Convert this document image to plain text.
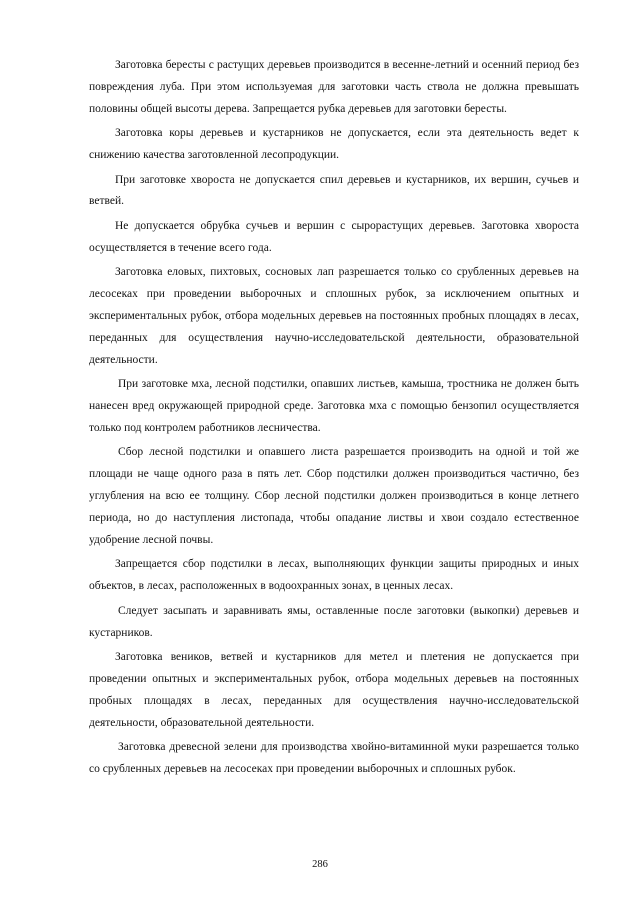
Заготовка бересты с растущих деревьев производится в весенне-летний и осенний период без повреждения луба. При этом используемая для заготовки часть ствола не должна превышать половины общей высоты дерева. Запрещается рубка деревьев для заготовки бересты.

Заготовка коры деревьев и кустарников не допускается, если эта деятельность ведет к снижению качества заготовленной лесопродукции.

При заготовке хвороста не допускается спил деревьев и кустарников, их вершин, сучьев и ветвей.

Не допускается обрубка сучьев и вершин с сырорастущих деревьев. Заготовка хвороста осуществляется в течение всего года.

Заготовка еловых, пихтовых, сосновых лап разрешается только со срубленных деревьев на лесосеках при проведении выборочных и сплошных рубок, за исключением опытных и экспериментальных рубок, отбора модельных деревьев на постоянных пробных площадях в лесах, переданных для осуществления научно-исследовательской деятельности, образовательной деятельности.

При заготовке мха, лесной подстилки, опавших листьев, камыша, тростника не должен быть нанесен вред окружающей природной среде. Заготовка мха с помощью бензопил осуществляется только под контролем работников лесничества.

Сбор лесной подстилки и опавшего листа разрешается производить на одной и той же площади не чаще одного раза в пять лет. Сбор подстилки должен производиться частично, без углубления на всю ее толщину. Сбор лесной подстилки должен производиться в конце летнего периода, но до наступления листопада, чтобы опадание листвы и хвои создало естественное удобрение лесной почвы.

Запрещается сбор подстилки в лесах, выполняющих функции защиты природных и иных объектов, в лесах, расположенных в водоохранных зонах, в ценных лесах.

Следует засыпать и заравнивать ямы, оставленные после заготовки (выкопки) деревьев и кустарников.

Заготовка веников, ветвей и кустарников для метел и плетения не допускается при проведении опытных и экспериментальных рубок, отбора модельных деревьев на постоянных пробных площадях в лесах, переданных для осуществления научно-исследовательской деятельности, образовательной деятельности.

Заготовка древесной зелени для производства хвойно-витаминной муки разрешается только со срубленных деревьев на лесосеках при проведении выборочных и сплошных рубок.

286
